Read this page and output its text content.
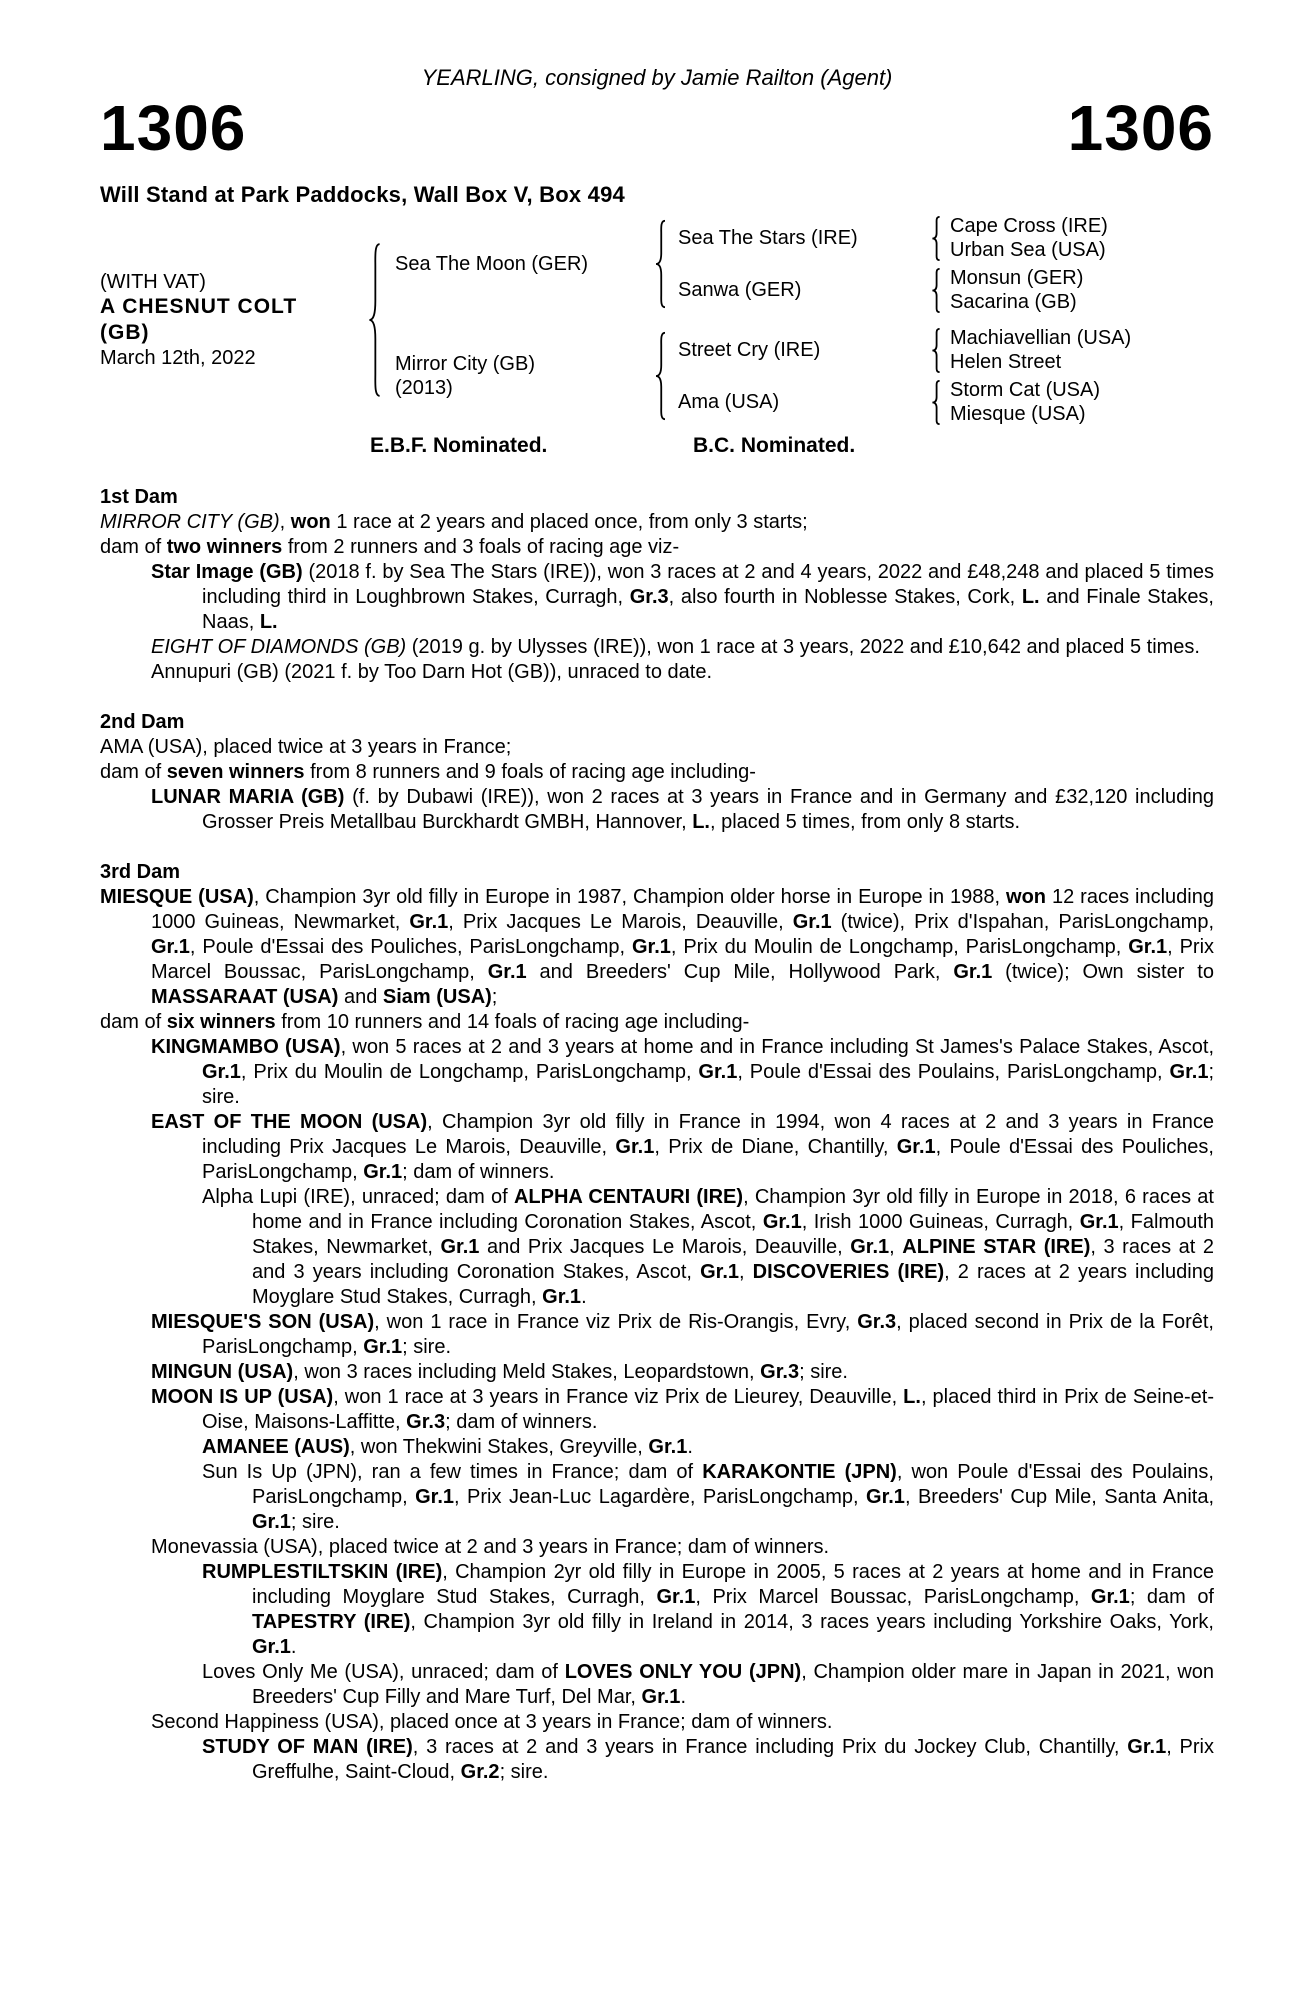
YEARLING, consigned by Jamie Railton (Agent)
1306	1306
Will Stand at Park Paddocks, Wall Box V, Box 494
(WITH VAT)
A CHESNUT COLT
(GB)
March 12th, 2022
Sea The Moon (GER)
Sea The Stars (IRE)
Cape Cross (IRE)
Urban Sea (USA)
Sanwa (GER)
Monsun (GER)
Sacarina (GB)
Mirror City (GB)
(2013)
Street Cry (IRE)
Machiavellian (USA)
Helen Street
Ama (USA)
Storm Cat (USA)
Miesque (USA)
E.B.F. Nominated.	B.C. Nominated.
1st Dam
MIRROR CITY (GB), won 1 race at 2 years and placed once, from only 3 starts;
dam of two winners from 2 runners and 3 foals of racing age viz-
Star Image (GB) (2018 f. by Sea The Stars (IRE)), won 3 races at 2 and 4 years, 2022 and £48,248 and placed 5 times including third in Loughbrown Stakes, Curragh, Gr.3, also fourth in Noblesse Stakes, Cork, L. and Finale Stakes, Naas, L.
EIGHT OF DIAMONDS (GB) (2019 g. by Ulysses (IRE)), won 1 race at 3 years, 2022 and £10,642 and placed 5 times.
Annupuri (GB) (2021 f. by Too Darn Hot (GB)), unraced to date.
2nd Dam
AMA (USA), placed twice at 3 years in France;
dam of seven winners from 8 runners and 9 foals of racing age including-
LUNAR MARIA (GB) (f. by Dubawi (IRE)), won 2 races at 3 years in France and in Germany and £32,120 including Grosser Preis Metallbau Burckhardt GMBH, Hannover, L., placed 5 times, from only 8 starts.
3rd Dam
MIESQUE (USA), Champion 3yr old filly in Europe in 1987, Champion older horse in Europe in 1988, won 12 races including 1000 Guineas, Newmarket, Gr.1, Prix Jacques Le Marois, Deauville, Gr.1 (twice), Prix d'Ispahan, ParisLongchamp, Gr.1, Poule d'Essai des Pouliches, ParisLongchamp, Gr.1, Prix du Moulin de Longchamp, ParisLongchamp, Gr.1, Prix Marcel Boussac, ParisLongchamp, Gr.1 and Breeders' Cup Mile, Hollywood Park, Gr.1 (twice); Own sister to MASSARAAT (USA) and Siam (USA);
dam of six winners from 10 runners and 14 foals of racing age including-
KINGMAMBO (USA), won 5 races at 2 and 3 years at home and in France including St James's Palace Stakes, Ascot, Gr.1, Prix du Moulin de Longchamp, ParisLongchamp, Gr.1, Poule d'Essai des Poulains, ParisLongchamp, Gr.1; sire.
EAST OF THE MOON (USA), Champion 3yr old filly in France in 1994, won 4 races at 2 and 3 years in France including Prix Jacques Le Marois, Deauville, Gr.1, Prix de Diane, Chantilly, Gr.1, Poule d'Essai des Pouliches, ParisLongchamp, Gr.1; dam of winners.
Alpha Lupi (IRE), unraced; dam of ALPHA CENTAURI (IRE), Champion 3yr old filly in Europe in 2018, 6 races at home and in France including Coronation Stakes, Ascot, Gr.1, Irish 1000 Guineas, Curragh, Gr.1, Falmouth Stakes, Newmarket, Gr.1 and Prix Jacques Le Marois, Deauville, Gr.1, ALPINE STAR (IRE), 3 races at 2 and 3 years including Coronation Stakes, Ascot, Gr.1, DISCOVERIES (IRE), 2 races at 2 years including Moyglare Stud Stakes, Curragh, Gr.1.
MIESQUE'S SON (USA), won 1 race in France viz Prix de Ris-Orangis, Evry, Gr.3, placed second in Prix de la Forêt, ParisLongchamp, Gr.1; sire.
MINGUN (USA), won 3 races including Meld Stakes, Leopardstown, Gr.3; sire.
MOON IS UP (USA), won 1 race at 3 years in France viz Prix de Lieurey, Deauville, L., placed third in Prix de Seine-et-Oise, Maisons-Laffitte, Gr.3; dam of winners.
AMANEE (AUS), won Thekwini Stakes, Greyville, Gr.1.
Sun Is Up (JPN), ran a few times in France; dam of KARAKONTIE (JPN), won Poule d'Essai des Poulains, ParisLongchamp, Gr.1, Prix Jean-Luc Lagardère, ParisLongchamp, Gr.1, Breeders' Cup Mile, Santa Anita, Gr.1; sire.
Monevassia (USA), placed twice at 2 and 3 years in France; dam of winners.
RUMPLESTILTSKIN (IRE), Champion 2yr old filly in Europe in 2005, 5 races at 2 years at home and in France including Moyglare Stud Stakes, Curragh, Gr.1, Prix Marcel Boussac, ParisLongchamp, Gr.1; dam of TAPESTRY (IRE), Champion 3yr old filly in Ireland in 2014, 3 races years including Yorkshire Oaks, York, Gr.1.
Loves Only Me (USA), unraced; dam of LOVES ONLY YOU (JPN), Champion older mare in Japan in 2021, won Breeders' Cup Filly and Mare Turf, Del Mar, Gr.1.
Second Happiness (USA), placed once at 3 years in France; dam of winners.
STUDY OF MAN (IRE), 3 races at 2 and 3 years in France including Prix du Jockey Club, Chantilly, Gr.1, Prix Greffulhe, Saint-Cloud, Gr.2; sire.
